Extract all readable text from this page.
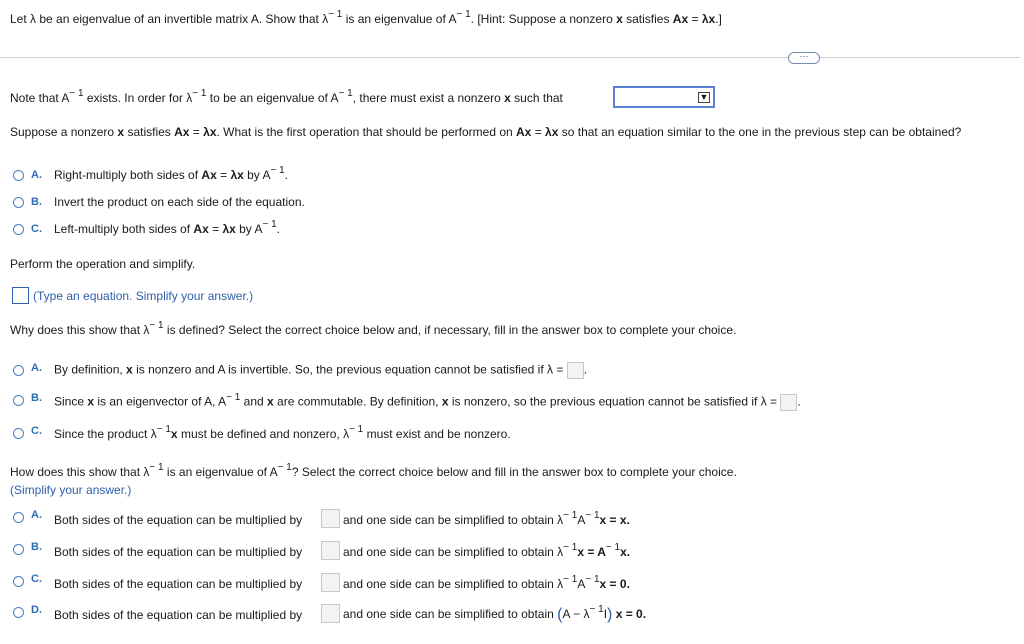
Let λ be an eigenvalue of an invertible matrix A. Show that $\lambda^{- 1}$ is an eigenvalue of $A^{- 1}$. [Hint: Suppose a nonzero x satisfies Ax = λx.]
⋯
Note that $A^{- 1}$ exists. In order for $\lambda^{- 1}$ to be an eigenvalue of $A^{- 1}$, there must exist a nonzero x such that	▼
Suppose a nonzero x satisfies Ax = λx. What is the first operation that should be performed on Ax = λx so that an equation similar to the one in the previous step can be obtained?
A. Right-multiply both sides of Ax = λx by $A^{- 1}$.
B. Invert the product on each side of the equation.
C. Left-multiply both sides of Ax = λx by $A^{- 1}$.
Perform the operation and simplify.
(Type an equation. Simplify your answer.)
Why does this show that $\lambda^{- 1}$ is defined? Select the correct choice below and, if necessary, fill in the answer box to complete your choice.
A. By definition, x is nonzero and A is invertible. So, the previous equation cannot be satisfied if λ = .
B. Since x is an eigenvector of A, $A^{- 1}$ and x are commutable. By definition, x is nonzero, so the previous equation cannot be satisfied if λ = .
C. Since the product $\lambda^{- 1}x$ must be defined and nonzero, $\lambda^{- 1}$ must exist and be nonzero.
How does this show that $\lambda^{- 1}$ is an eigenvalue of $A^{- 1}$? Select the correct choice below and fill in the answer box to complete your choice.
(Simplify your answer.)
A. Both sides of the equation can be multiplied by	and one side can be simplified to obtain $\lambda^{- 1}A^{- 1}x = x$.
B. Both sides of the equation can be multiplied by	and one side can be simplified to obtain $\lambda^{- 1}x = A^{- 1}x$.
C. Both sides of the equation can be multiplied by	and one side can be simplified to obtain $\lambda^{- 1}A^{- 1}x = 0$.
D. Both sides of the equation can be multiplied by	and one side can be simplified to obtain $(A - \lambda^{- 1}I)$ x = 0.
